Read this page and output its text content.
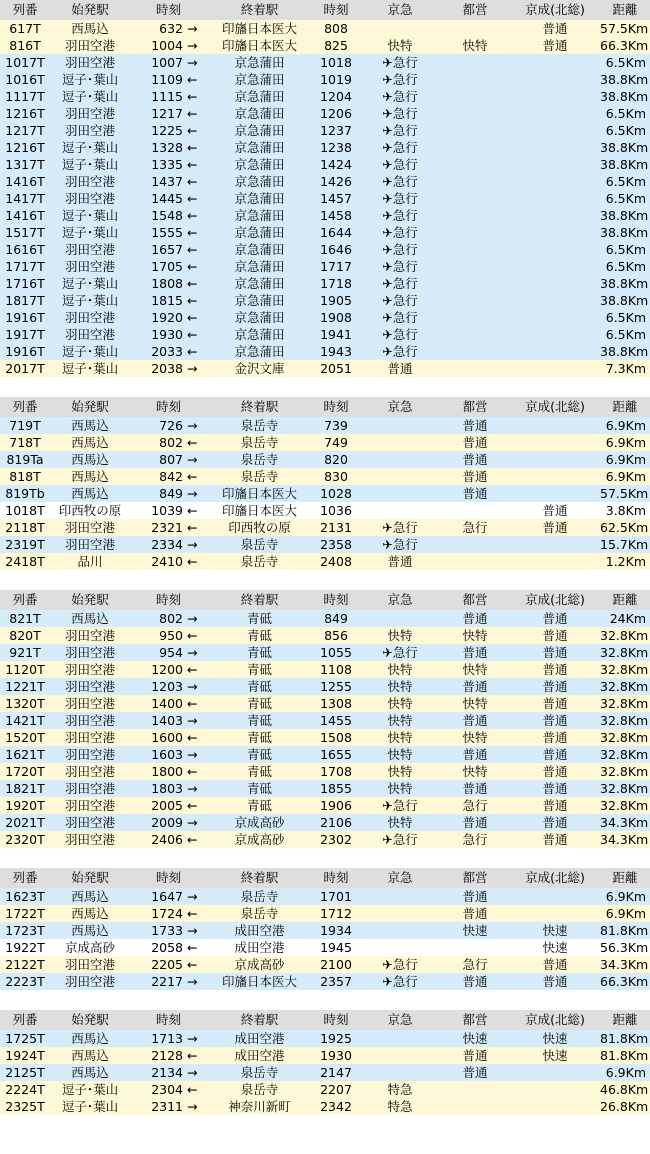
列番	始発駅	時刻		終着駅	時刻	京急	都営	京成(北総)	距離
617T	西馬込	632	→	印旛日本医大	808			普通	57.5Km
816T	羽田空港	1004	→	印旛日本医大	825	快特	快特	普通	66.3Km
1017T	羽田空港	1007	→	京急蒲田	1018	✈急行			6.5Km
1016T	逗子･葉山	1109	←	京急蒲田	1019	✈急行			38.8Km
1117T	逗子･葉山	1115	←	京急蒲田	1204	✈急行			38.8Km
1216T	羽田空港	1217	←	京急蒲田	1206	✈急行			6.5Km
1217T	羽田空港	1225	←	京急蒲田	1237	✈急行			6.5Km
1216T	逗子･葉山	1328	←	京急蒲田	1238	✈急行			38.8Km
1317T	逗子･葉山	1335	←	京急蒲田	1424	✈急行			38.8Km
1416T	羽田空港	1437	←	京急蒲田	1426	✈急行			6.5Km
1417T	羽田空港	1445	←	京急蒲田	1457	✈急行			6.5Km
1416T	逗子･葉山	1548	←	京急蒲田	1458	✈急行			38.8Km
1517T	逗子･葉山	1555	←	京急蒲田	1644	✈急行			38.8Km
1616T	羽田空港	1657	←	京急蒲田	1646	✈急行			6.5Km
1717T	羽田空港	1705	←	京急蒲田	1717	✈急行			6.5Km
1716T	逗子･葉山	1808	←	京急蒲田	1718	✈急行			38.8Km
1817T	逗子･葉山	1815	←	京急蒲田	1905	✈急行			38.8Km
1916T	羽田空港	1920	←	京急蒲田	1908	✈急行			6.5Km
1917T	羽田空港	1930	←	京急蒲田	1941	✈急行			6.5Km
1916T	逗子･葉山	2033	←	京急蒲田	1943	✈急行			38.8Km
2017T	逗子･葉山	2038	→	金沢文庫	2051	普通			7.3Km
列番	始発駅	時刻		終着駅	時刻	京急	都営	京成(北総)	距離
719T	西馬込	726	→	泉岳寺	739		普通		6.9Km
718T	西馬込	802	←	泉岳寺	749		普通		6.9Km
819Ta	西馬込	807	→	泉岳寺	820		普通		6.9Km
818T	西馬込	842	←	泉岳寺	830		普通		6.9Km
819Tb	西馬込	849	→	印旛日本医大	1028		普通		57.5Km
1018T	印西牧の原	1039	←	印旛日本医大	1036			普通	3.8Km
2118T	羽田空港	2321	←	印西牧の原	2131	✈急行	急行	普通	62.5Km
2319T	羽田空港	2334	→	泉岳寺	2358	✈急行			15.7Km
2418T	品川	2410	←	泉岳寺	2408	普通			1.2Km
列番	始発駅	時刻		終着駅	時刻	京急	都営	京成(北総)	距離
821T	西馬込	802	→	青砥	849		普通	普通	24Km
820T	羽田空港	950	←	青砥	856	快特	快特	普通	32.8Km
921T	羽田空港	954	→	青砥	1055	✈急行	普通	普通	32.8Km
1120T	羽田空港	1200	←	青砥	1108	快特	快特	普通	32.8Km
1221T	羽田空港	1203	→	青砥	1255	快特	普通	普通	32.8Km
1320T	羽田空港	1400	←	青砥	1308	快特	快特	普通	32.8Km
1421T	羽田空港	1403	→	青砥	1455	快特	普通	普通	32.8Km
1520T	羽田空港	1600	←	青砥	1508	快特	快特	普通	32.8Km
1621T	羽田空港	1603	→	青砥	1655	快特	普通	普通	32.8Km
1720T	羽田空港	1800	←	青砥	1708	快特	快特	普通	32.8Km
1821T	羽田空港	1803	→	青砥	1855	快特	普通	普通	32.8Km
1920T	羽田空港	2005	←	青砥	1906	✈急行	急行	普通	32.8Km
2021T	羽田空港	2009	→	京成高砂	2106	快特	普通	普通	34.3Km
2320T	羽田空港	2406	←	京成高砂	2302	✈急行	急行	普通	34.3Km
列番	始発駅	時刻		終着駅	時刻	京急	都営	京成(北総)	距離
1623T	西馬込	1647	→	泉岳寺	1701		普通		6.9Km
1722T	西馬込	1724	←	泉岳寺	1712		普通		6.9Km
1723T	西馬込	1733	→	成田空港	1934		快速	快速	81.8Km
1922T	京成高砂	2058	←	成田空港	1945			快速	56.3Km
2122T	羽田空港	2205	←	京成高砂	2100	✈急行	急行	普通	34.3Km
2223T	羽田空港	2217	→	印旛日本医大	2357	✈急行	普通	普通	66.3Km
列番	始発駅	時刻		終着駅	時刻	京急	都営	京成(北総)	距離
1725T	西馬込	1713	→	成田空港	1925		快速	快速	81.8Km
1924T	西馬込	2128	←	成田空港	1930		普通	快速	81.8Km
2125T	西馬込	2134	→	泉岳寺	2147		普通		6.9Km
2224T	逗子･葉山	2304	←	泉岳寺	2207	特急			46.8Km
2325T	逗子･葉山	2311	→	神奈川新町	2342	特急			26.8Km
